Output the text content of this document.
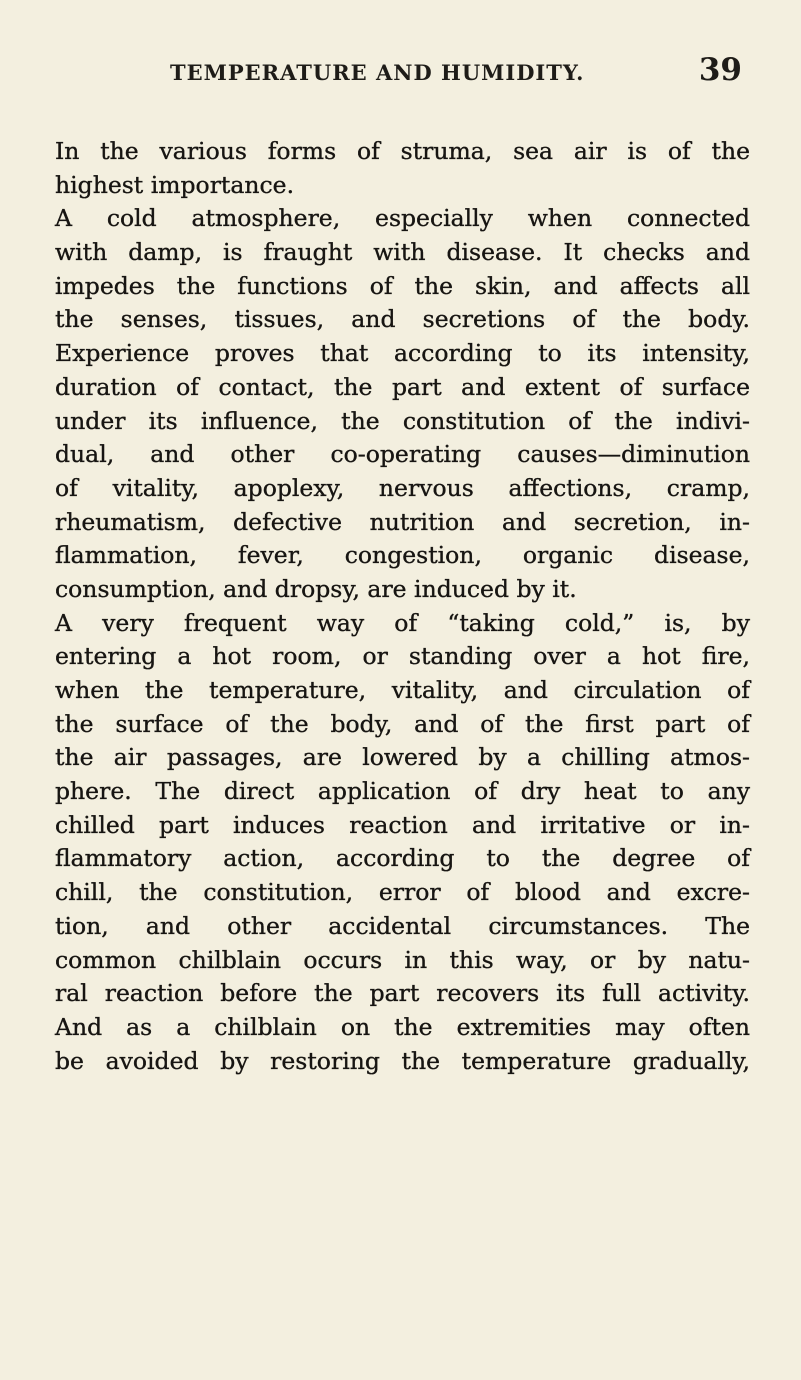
TEMPERATURE AND HUMIDITY.	39
In the various forms of struma, sea air is of the
highest importance.
A cold atmosphere, especially when connected
with damp, is fraught with disease. It checks and
impedes the functions of the skin, and affects all
the senses, tissues, and secretions of the body.
Experience proves that according to its intensity,
duration of contact, the part and extent of surface
under its influence, the constitution of the indivi-
dual, and other co-operating causes—diminution
of vitality, apoplexy, nervous affections, cramp,
rheumatism, defective nutrition and secretion, in-
flammation, fever, congestion, organic disease,
consumption, and dropsy, are induced by it.
A very frequent way of “taking cold,” is, by
entering a hot room, or standing over a hot fire,
when the temperature, vitality, and circulation of
the surface of the body, and of the first part of
the air passages, are lowered by a chilling atmos-
phere. The direct application of dry heat to any
chilled part induces reaction and irritative or in-
flammatory action, according to the degree of
chill, the constitution, error of blood and excre-
tion, and other accidental circumstances. The
common chilblain occurs in this way, or by natu-
ral reaction before the part recovers its full activity.
And as a chilblain on the extremities may often
be avoided by restoring the temperature gradually,
